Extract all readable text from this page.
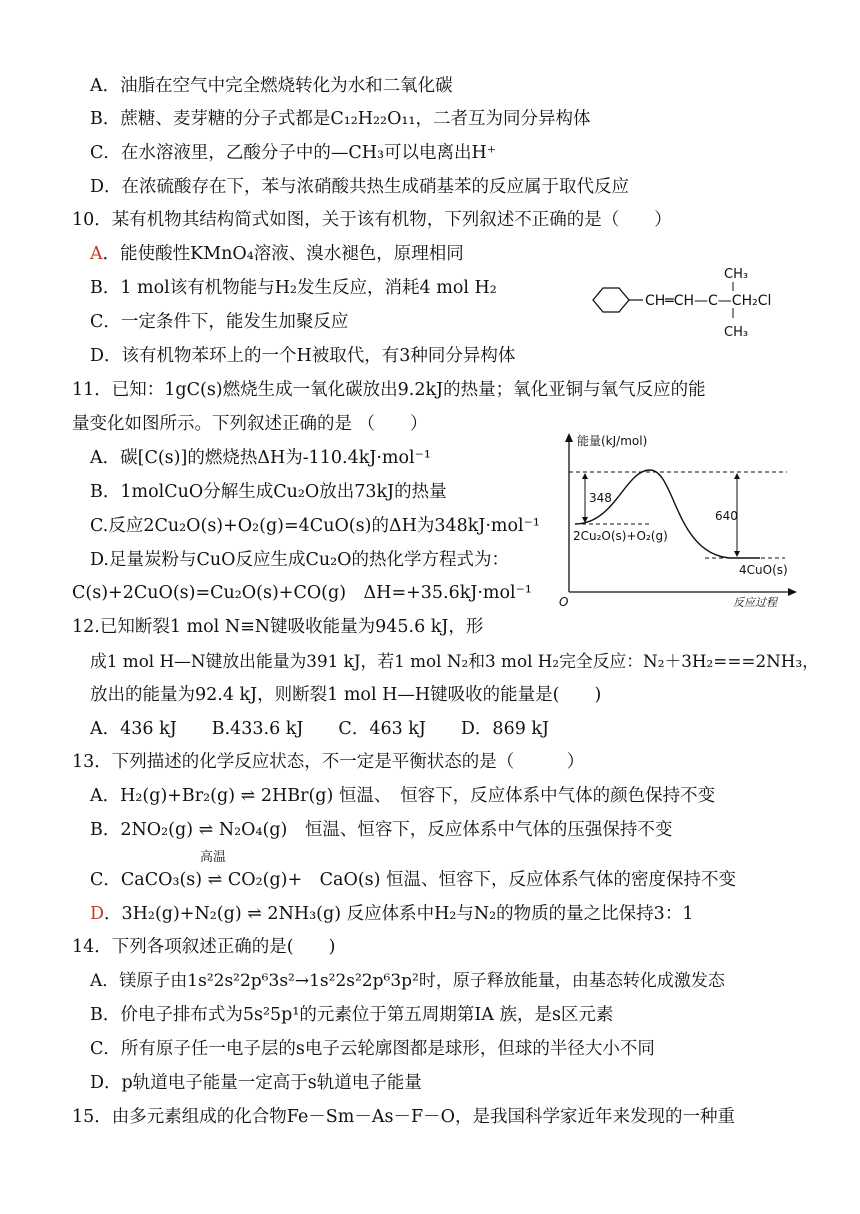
A．油脂在空气中完全燃烧转化为水和二氧化碳
B．蔗糖、麦芽糖的分子式都是C₁₂H₂₂O₁₁，二者互为同分异构体
C．在水溶液里，乙酸分子中的—CH₃可以电离出H⁺
D．在浓硫酸存在下，苯与浓硝酸共热生成硝基苯的反应属于取代反应
10．某有机物其结构简式如图，关于该有机物，下列叙述不正确的是（　　）
A．能使酸性KMnO₄溶液、溴水褪色，原理相同
B．1 mol该有机物能与H₂发生反应，消耗4 mol H₂
C．一定条件下，能发生加聚反应
D．该有机物苯环上的一个H被取代，有3种同分异构体
CH═CH—C—CH₂Cl
CH₃
CH₃
11．已知：1gC(s)燃烧生成一氧化碳放出9.2kJ的热量；氧化亚铜与氧气反应的能
量变化如图所示。下列叙述正确的是 （　　）
A．碳[C(s)]的燃烧热ΔH为-110.4kJ·mol⁻¹
B．1molCuO分解生成Cu₂O放出73kJ的热量
C.反应2Cu₂O(s)+O₂(g)=4CuO(s)的ΔH为348kJ·mol⁻¹
D.足量炭粉与CuO反应生成Cu₂O的热化学方程式为：
C(s)+2CuO(s)=Cu₂O(s)+CO(g)　ΔH=+35.6kJ·mol⁻¹
能量(kJ/mol)
O	反应过程
348
640
2Cu₂O(s)+O₂(g)
4CuO(s)
12.已知断裂1 mol N≡N键吸收能量为945.6 kJ，形
成1 mol H—N键放出能量为391 kJ，若1 mol N₂和3 mol H₂完全反应：N₂＋3H₂===2NH₃，
放出的能量为92.4 kJ，则断裂1 mol H—H键吸收的能量是(　　)
A．436 kJ　　B.433.6 kJ　　C．463 kJ　　D．869 kJ
13．下列描述的化学反应状态，不一定是平衡状态的是（　　　）
A．H₂(g)+Br₂(g) ⇌ 2HBr(g) 恒温、　恒容下，反应体系中气体的颜色保持不变
B．2NO₂(g) ⇌ N₂O₄(g)　恒温、恒容下，反应体系中气体的压强保持不变
高温
C．CaCO₃(s) ⇌ CO₂(g)+　CaO(s) 恒温、恒容下，反应体系气体的密度保持不变
D．3H₂(g)+N₂(g) ⇌ 2NH₃(g) 反应体系中H₂与N₂的物质的量之比保持3：1
14．下列各项叙述正确的是(　　)
A．镁原子由1s²2s²2p⁶3s²→1s²2s²2p⁶3p²时，原子释放能量，由基态转化成激发态
B．价电子排布式为5s²5p¹的元素位于第五周期第ⅠA 族，是s区元素
C．所有原子任一电子层的s电子云轮廓图都是球形，但球的半径大小不同
D．p轨道电子能量一定高于s轨道电子能量
15．由多元素组成的化合物Fe－Sm－As－F－O，是我国科学家近年来发现的一种重
